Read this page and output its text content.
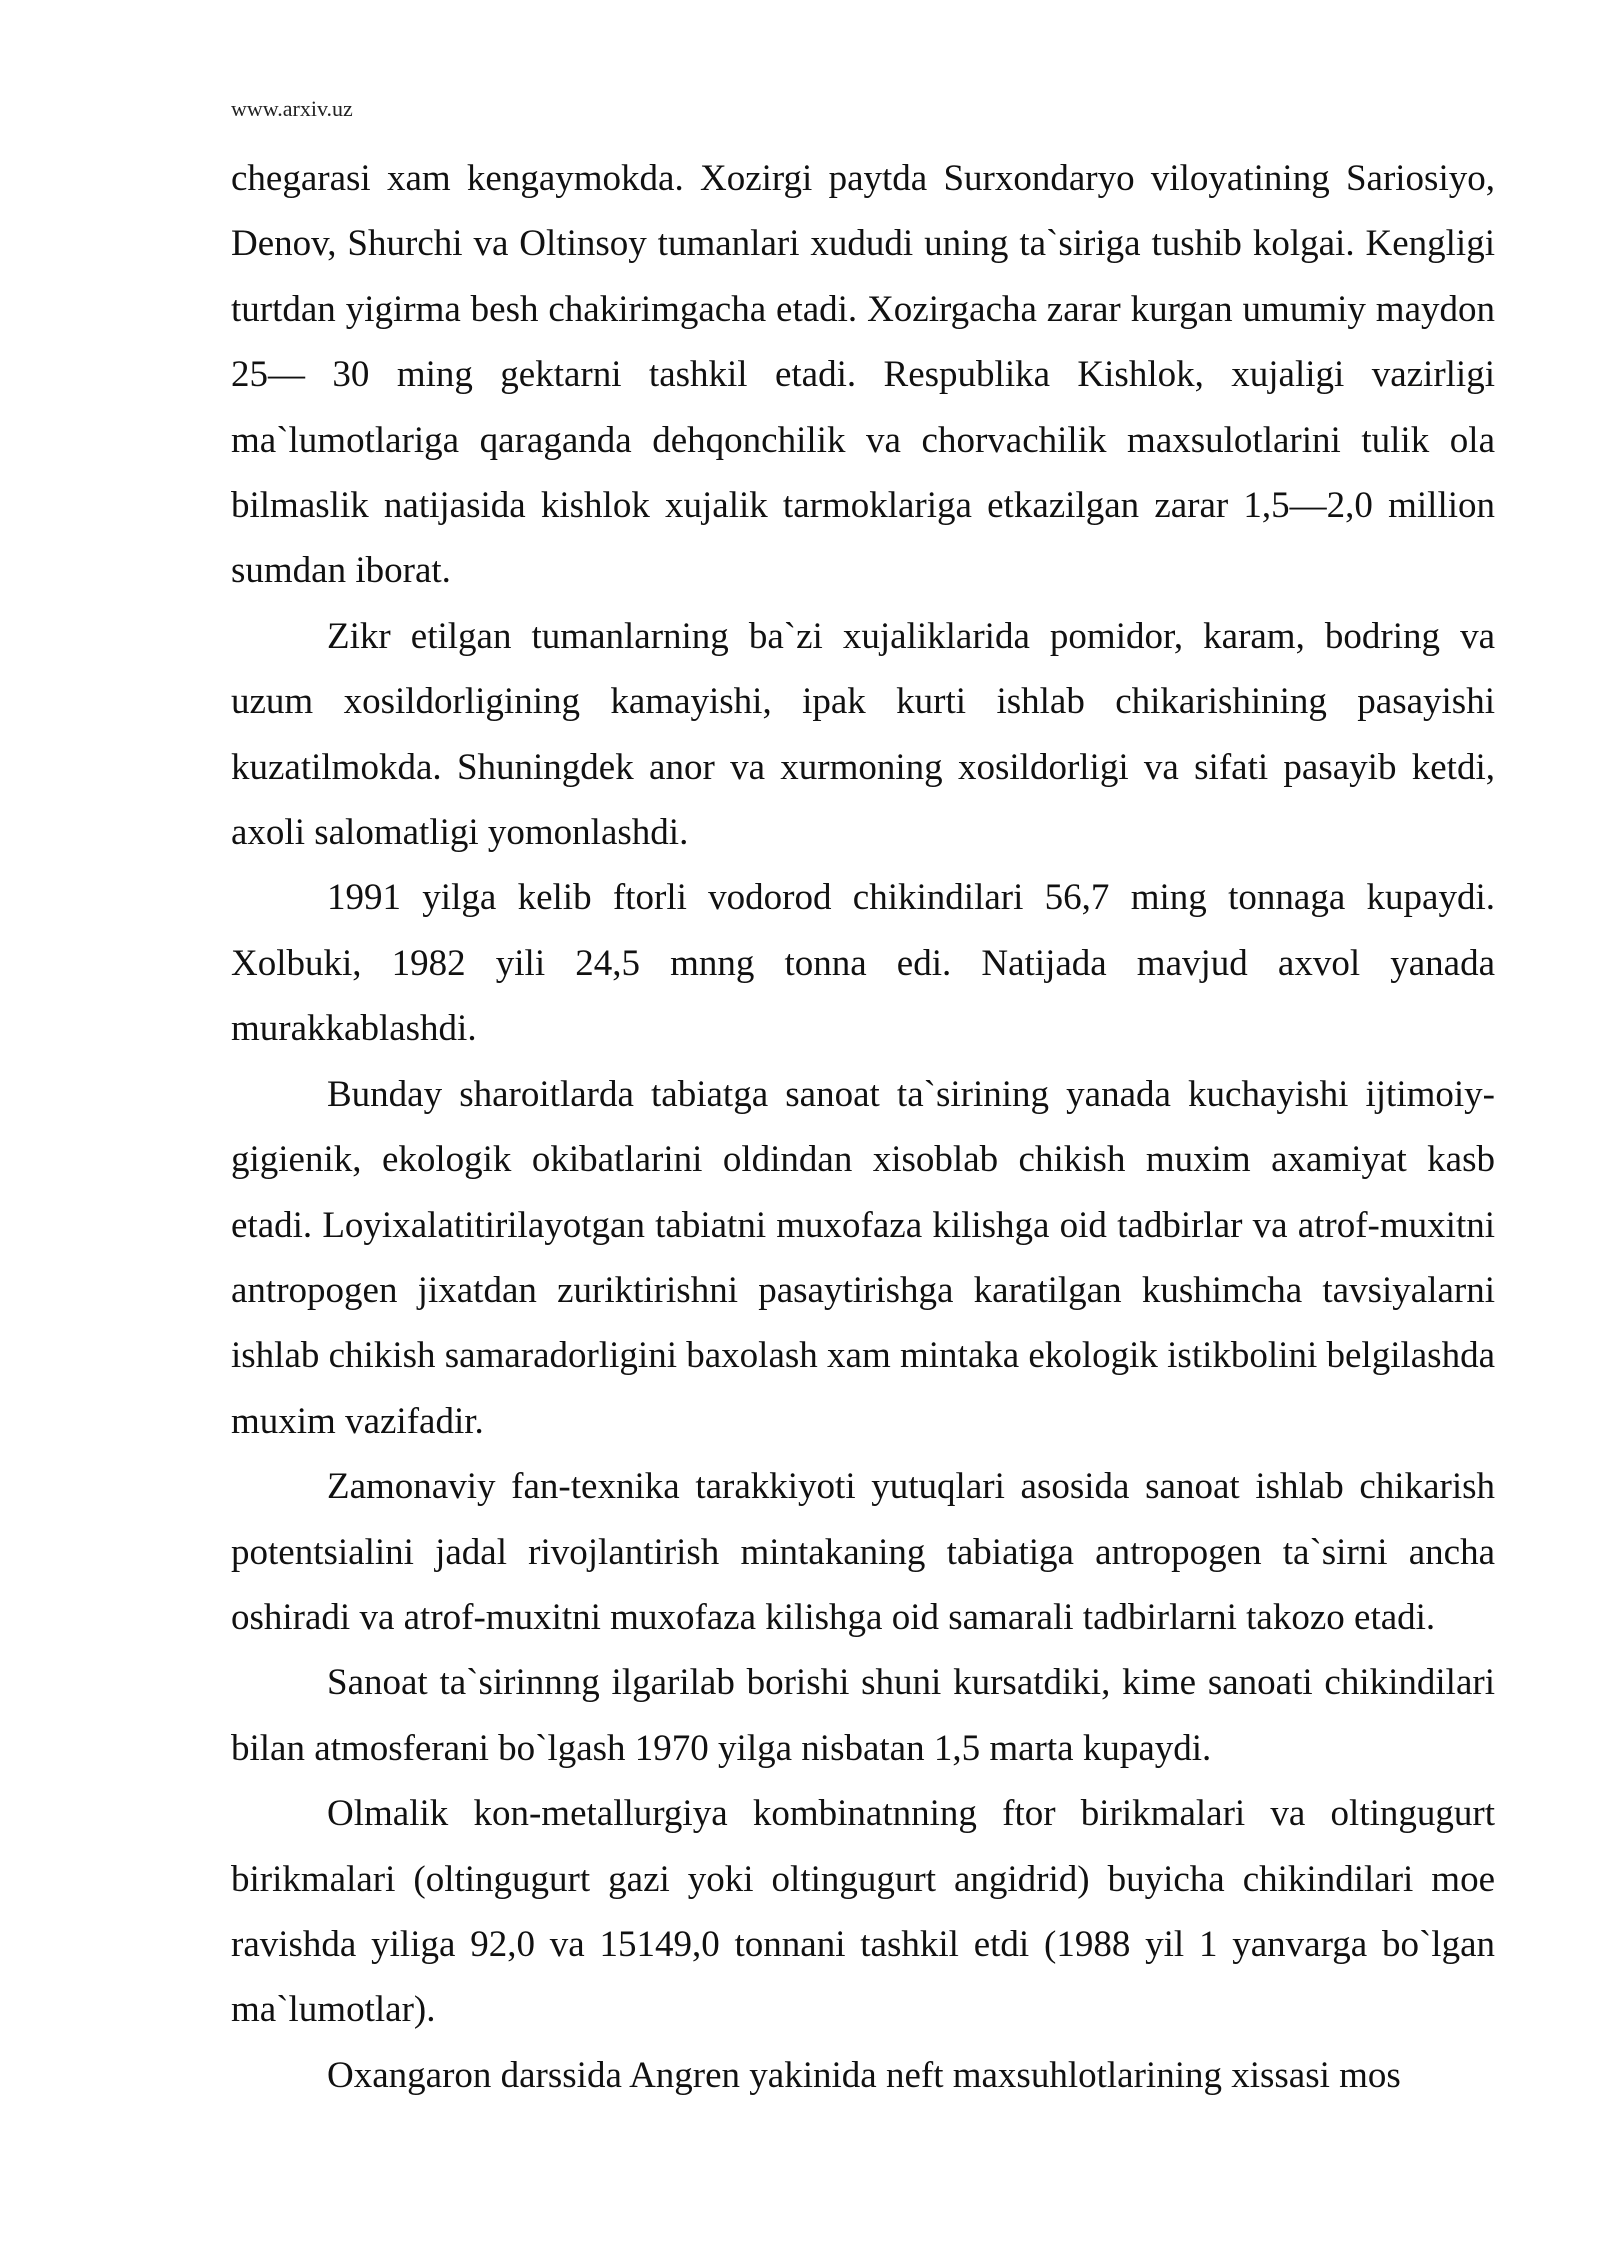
www.arxiv.uz

chegarasi xam kengaymokda. Xozirgi paytda Surxondaryo viloyatining Sariosiyo, Denov, Shurchi va Oltinsoy tumanlari xududi uning ta`siriga tushib kolgai. Kengligi turtdan yigirma besh chakirimgacha etadi. Xozirgacha zarar kurgan umumiy maydon 25— 30 ming gektarni tashkil etadi. Respublika Kishlok, xujaligi vazirligi ma`lumotlariga qaraganda dehqonchilik va chorvachilik maxsulotlarini tulik ola bilmaslik natijasida kishlok xujalik tarmoklariga etkazilgan zarar 1,5—2,0 million sumdan iborat.

Zikr etilgan tumanlarning ba`zi xujaliklarida pomidor, karam, bodring va uzum xosildorligining kamayishi, ipak kurti ishlab chikarishining pasayishi kuzatilmokda. Shuningdek anor va xurmoning xosildorligi va sifati pasayib ketdi, axoli salomatligi yomonlashdi.

1991 yilga kelib ftorli vodorod chikindilari 56,7 ming tonnaga kupaydi. Xolbuki, 1982 yili 24,5 mnng tonna edi. Natijada mavjud axvol yanada murakkablashdi.

Bunday sharoitlarda tabiatga sanoat ta`sirining yanada kuchayishi ijtimoiy-gigienik, ekologik okibatlarini oldindan xisoblab chikish muxim axamiyat kasb etadi. Loyixalatitirilayotgan tabiatni muxofaza kilishga oid tadbirlar va atrof-muxitni antropogen jixatdan zuriktirishni pasaytirishga karatilgan kushimcha tavsiyalarni ishlab chikish samaradorligini baxolash xam mintaka ekologik istikbolini belgilashda muxim vazifadir.

Zamonaviy fan-texnika tarakkiyoti yutuqlari asosida sanoat ishlab chikarish potentsialini jadal rivojlantirish mintakaning tabiatiga antropogen ta`sirni ancha oshiradi va atrof-muxitni muxofaza kilishga oid samarali tadbirlarni takozo etadi.

Sanoat ta`sirinnng ilgarilab borishi shuni kursatdiki, kime sanoati chikindilari bilan atmosferani bo`lgash 1970 yilga nisbatan 1,5 marta kupaydi.

Olmalik kon-metallurgiya kombinatnning ftor birikmalari va oltingugurt birikmalari (oltingugurt gazi yoki oltingugurt angidrid) buyicha chikindilari moe ravishda yiliga 92,0 va 15149,0 tonnani tashkil etdi (1988 yil 1 yanvarga bo`lgan ma`lumotlar).

Oxangaron darssida Angren yakinida neft maxsuhlotlarining xissasi mos
